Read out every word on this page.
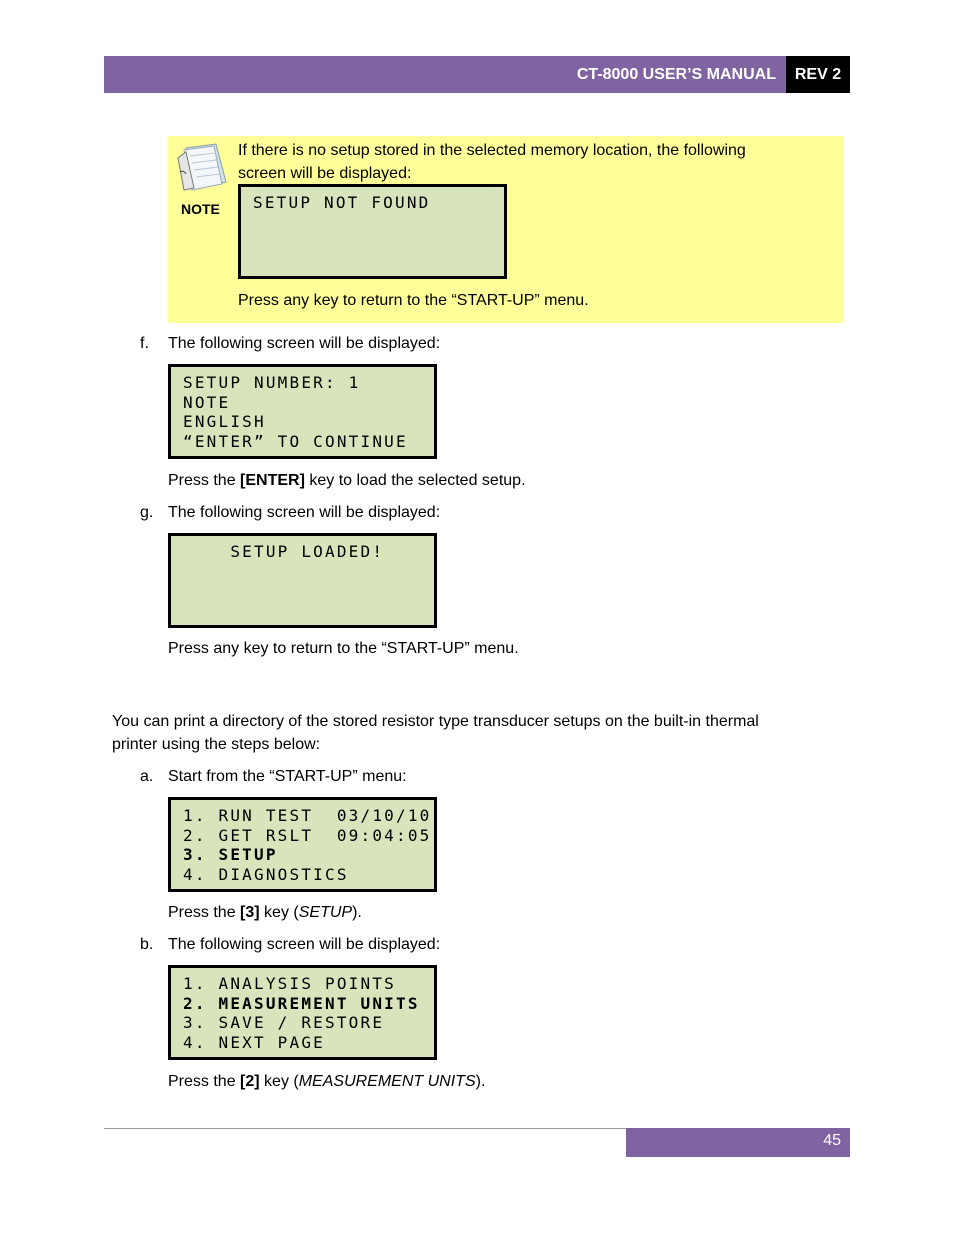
CT-8000 USER’S MANUAL	REV 2
NOTE
If there is no setup stored in the selected memory location, the following
screen will be displayed:
SETUP NOT FOUND
Press any key to return to the “START-UP” menu.
f. The following screen will be displayed:
SETUP NUMBER: 1
NOTE
ENGLISH
“ENTER” TO CONTINUE
Press the [ENTER] key to load the selected setup.
g. The following screen will be displayed:
SETUP LOADED!
Press any key to return to the “START-UP” menu.
You can print a directory of the stored resistor type transducer setups on the built-in thermal
printer using the steps below:
a. Start from the “START-UP” menu:
1. RUN TEST  03/10/10
2. GET RSLT  09:04:05
3. SETUP
4. DIAGNOSTICS
Press the [3] key (SETUP).
b. The following screen will be displayed:
1. ANALYSIS POINTS
2. MEASUREMENT UNITS
3. SAVE / RESTORE
4. NEXT PAGE
Press the [2] key (MEASUREMENT UNITS).
45
